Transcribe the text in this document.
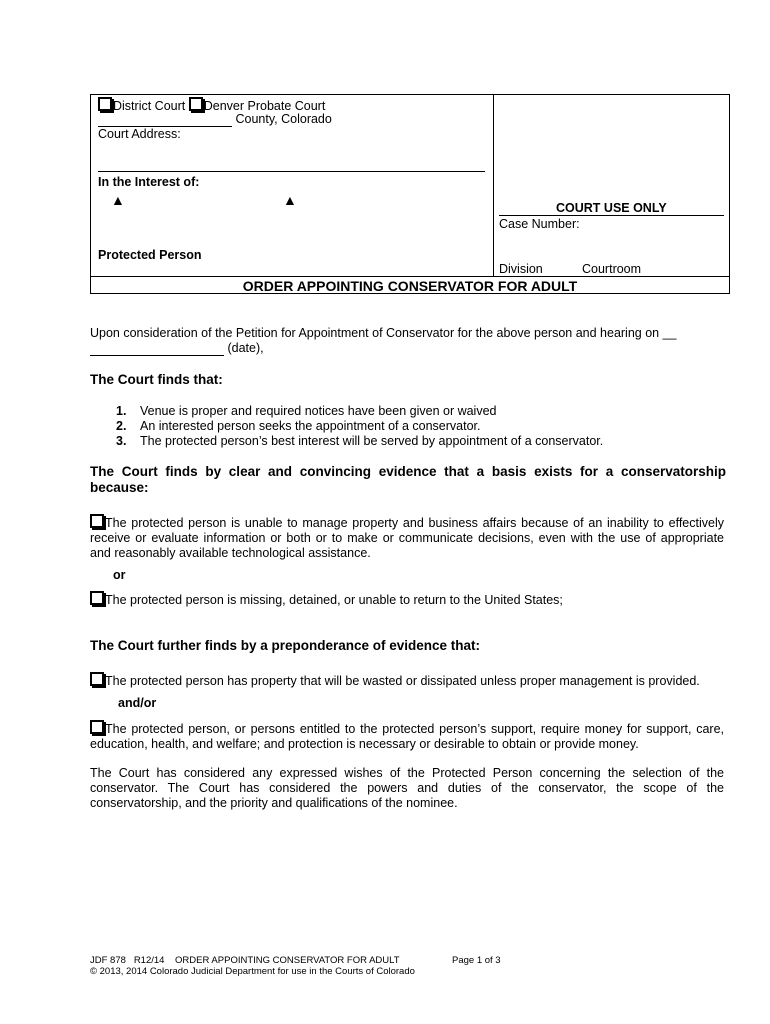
District Court Denver Probate Court
County, Colorado
Court Address:
In the Interest of:
▲	▲
Protected Person
COURT USE ONLY
Case Number:
Division	Courtroom
ORDER APPOINTING CONSERVATOR FOR ADULT
Upon consideration of the Petition for Appointment of Conservator for the above person and hearing on __
(date),
The Court finds that:
1.	Venue is proper and required notices have been given or waived
2.	An interested person seeks the appointment of a conservator.
3.	The protected person’s best interest will be served by appointment of a conservator.
The Court finds by clear and convincing evidence that a basis exists for a conservatorship
because:
The protected person is unable to manage property and business affairs because of an inability to effectively
receive or evaluate information or both or to make or communicate decisions, even with the use of appropriate
and reasonably available technological assistance.
or
The protected person is missing, detained, or unable to return to the United States;
The Court further finds by a preponderance of evidence that:
The protected person has property that will be wasted or dissipated unless proper management is provided.
and/or
The protected person, or persons entitled to the protected person’s support, require money for support, care,
education, health, and welfare; and protection is necessary or desirable to obtain or provide money.
The Court has considered any expressed wishes of the Protected Person concerning the selection of the
conservator. The Court has considered the powers and duties of the conservator, the scope of the
conservatorship, and the priority and qualifications of the nominee.
JDF 878   R12/14    ORDER APPOINTING CONSERVATOR FOR ADULT	Page 1 of 3
© 2013, 2014 Colorado Judicial Department for use in the Courts of Colorado
